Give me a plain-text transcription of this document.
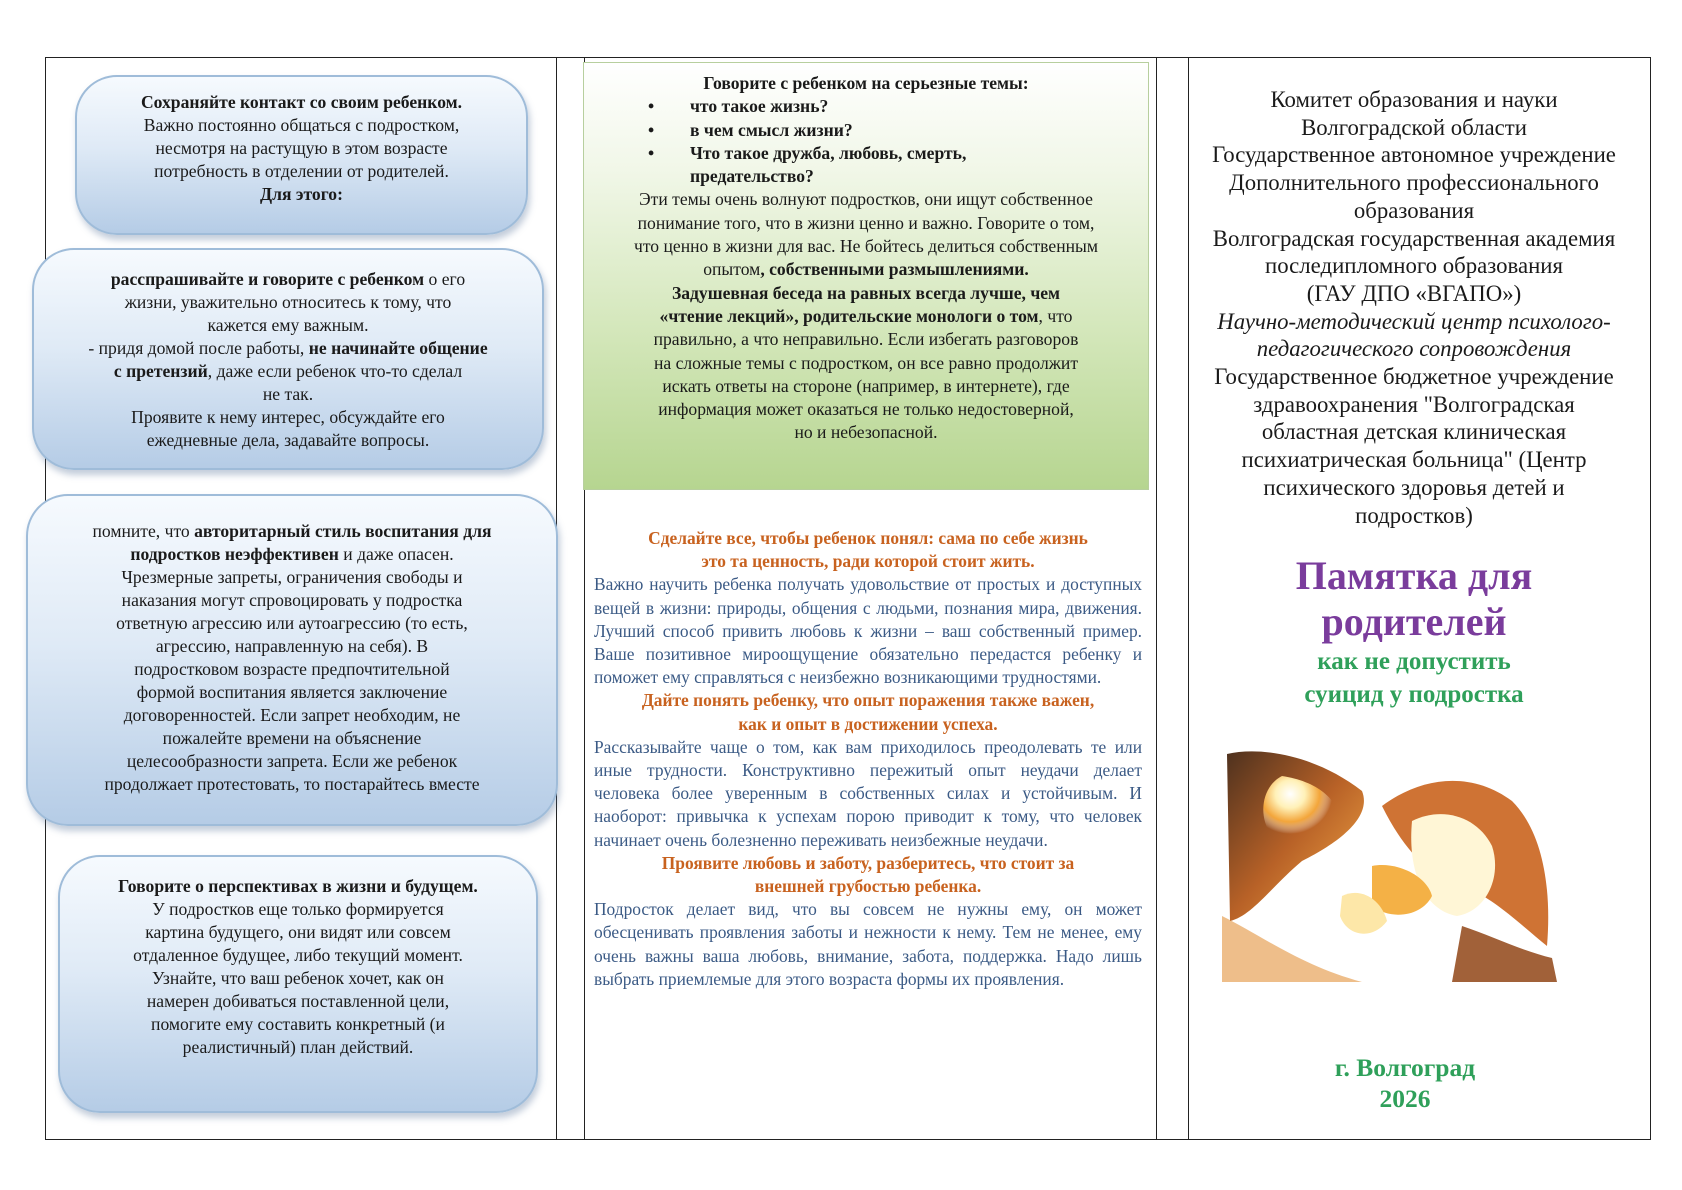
Сохраняйте контакт со своим ребенком.

Важно постоянно общаться с подростком,

несмотря на растущую в этом возрасте

потребность в отделении от родителей.

Для этого:

расспрашивайте и говорите с ребенком о его

жизни, уважительно относитесь к тому, что

кажется ему важным.

- придя домой после работы, не начинайте общение

с претензий, даже если ребенок что-то сделал

не так.

Проявите к нему интерес, обсуждайте его

ежедневные дела, задавайте вопросы.

помните, что авторитарный стиль воспитания для

подростков неэффективен и даже опасен.

Чрезмерные запреты, ограничения свободы и

наказания могут спровоцировать у подростка

ответную агрессию или аутоагрессию (то есть,

агрессию, направленную на себя). В

подростковом возрасте предпочтительной

формой воспитания является заключение

договоренностей. Если запрет необходим, не

пожалейте времени на объяснение

целесообразности запрета. Если же ребенок

продолжает протестовать, то постарайтесь вместе

Говорите о перспективах в жизни и будущем.

У подростков еще только формируется

картина будущего, они видят или совсем

отдаленное будущее, либо текущий момент.

Узнайте, что ваш ребенок хочет, как он

намерен добиваться поставленной цели,

помогите ему составить конкретный (и

реалистичный) план действий.

Говорите с ребенком на серьезные темы:

• что такое жизнь?
• в чем смысл жизни?
• Что такое дружба, любовь, смерть,
предательство?

Эти темы очень волнуют подростков, они ищут собственное

понимание того, что в жизни ценно и важно. Говорите о том,

что ценно в жизни для вас. Не бойтесь делиться собственным

опытом, собственными размышлениями.

Задушевная беседа на равных всегда лучше, чем

«чтение лекций», родительские монологи о том, что

правильно, а что неправильно. Если избегать разговоров

на сложные темы с подростком, он все равно продолжит

искать ответы на стороне (например, в интернете), где

информация может оказаться не только недостоверной,

но и небезопасной.

Сделайте все, чтобы ребенок понял: сама по себе жизнь

это та ценность, ради которой стоит жить.

Важно научить ребенка получать удовольствие от простых и доступных вещей в жизни: природы, общения с людьми, познания мира, движения. Лучший способ привить любовь к жизни – ваш собственный пример. Ваше позитивное мироощущение обязательно передастся ребенку и поможет ему справляться с неизбежно возникающими трудностями.

Дайте понять ребенку, что опыт поражения также важен,

как и опыт в достижении успеха.

Рассказывайте чаще о том, как вам приходилось преодолевать те или иные трудности. Конструктивно пережитый опыт неудачи делает человека более уверенным в собственных силах и устойчивым. И наоборот: привычка к успехам порою приводит к тому, что человек начинает очень болезненно переживать неизбежные неудачи.

Проявите любовь и заботу, разберитесь, что стоит за

внешней грубостью ребенка.

Подросток делает вид, что вы совсем не нужны ему, он может обесценивать проявления заботы и нежности к нему. Тем не менее, ему очень важны ваша любовь, внимание, забота, поддержка. Надо лишь выбрать приемлемые для этого возраста формы их проявления.

Комитет образования и науки

Волгоградской области

Государственное автономное учреждение

Дополнительного профессионального

образования

Волгоградская государственная академия

последипломного образования

(ГАУ ДПО «ВГАПО»)

Научно-методический центр психолого-

педагогического сопровождения

Государственное бюджетное учреждение

здравоохранения "Волгоградская

областная детская клиническая

психиатрическая больница" (Центр

психического здоровья детей и

подростков)

Памятка для

родителей

как не допустить

суицид у подростка

г. Волгоград

2026
